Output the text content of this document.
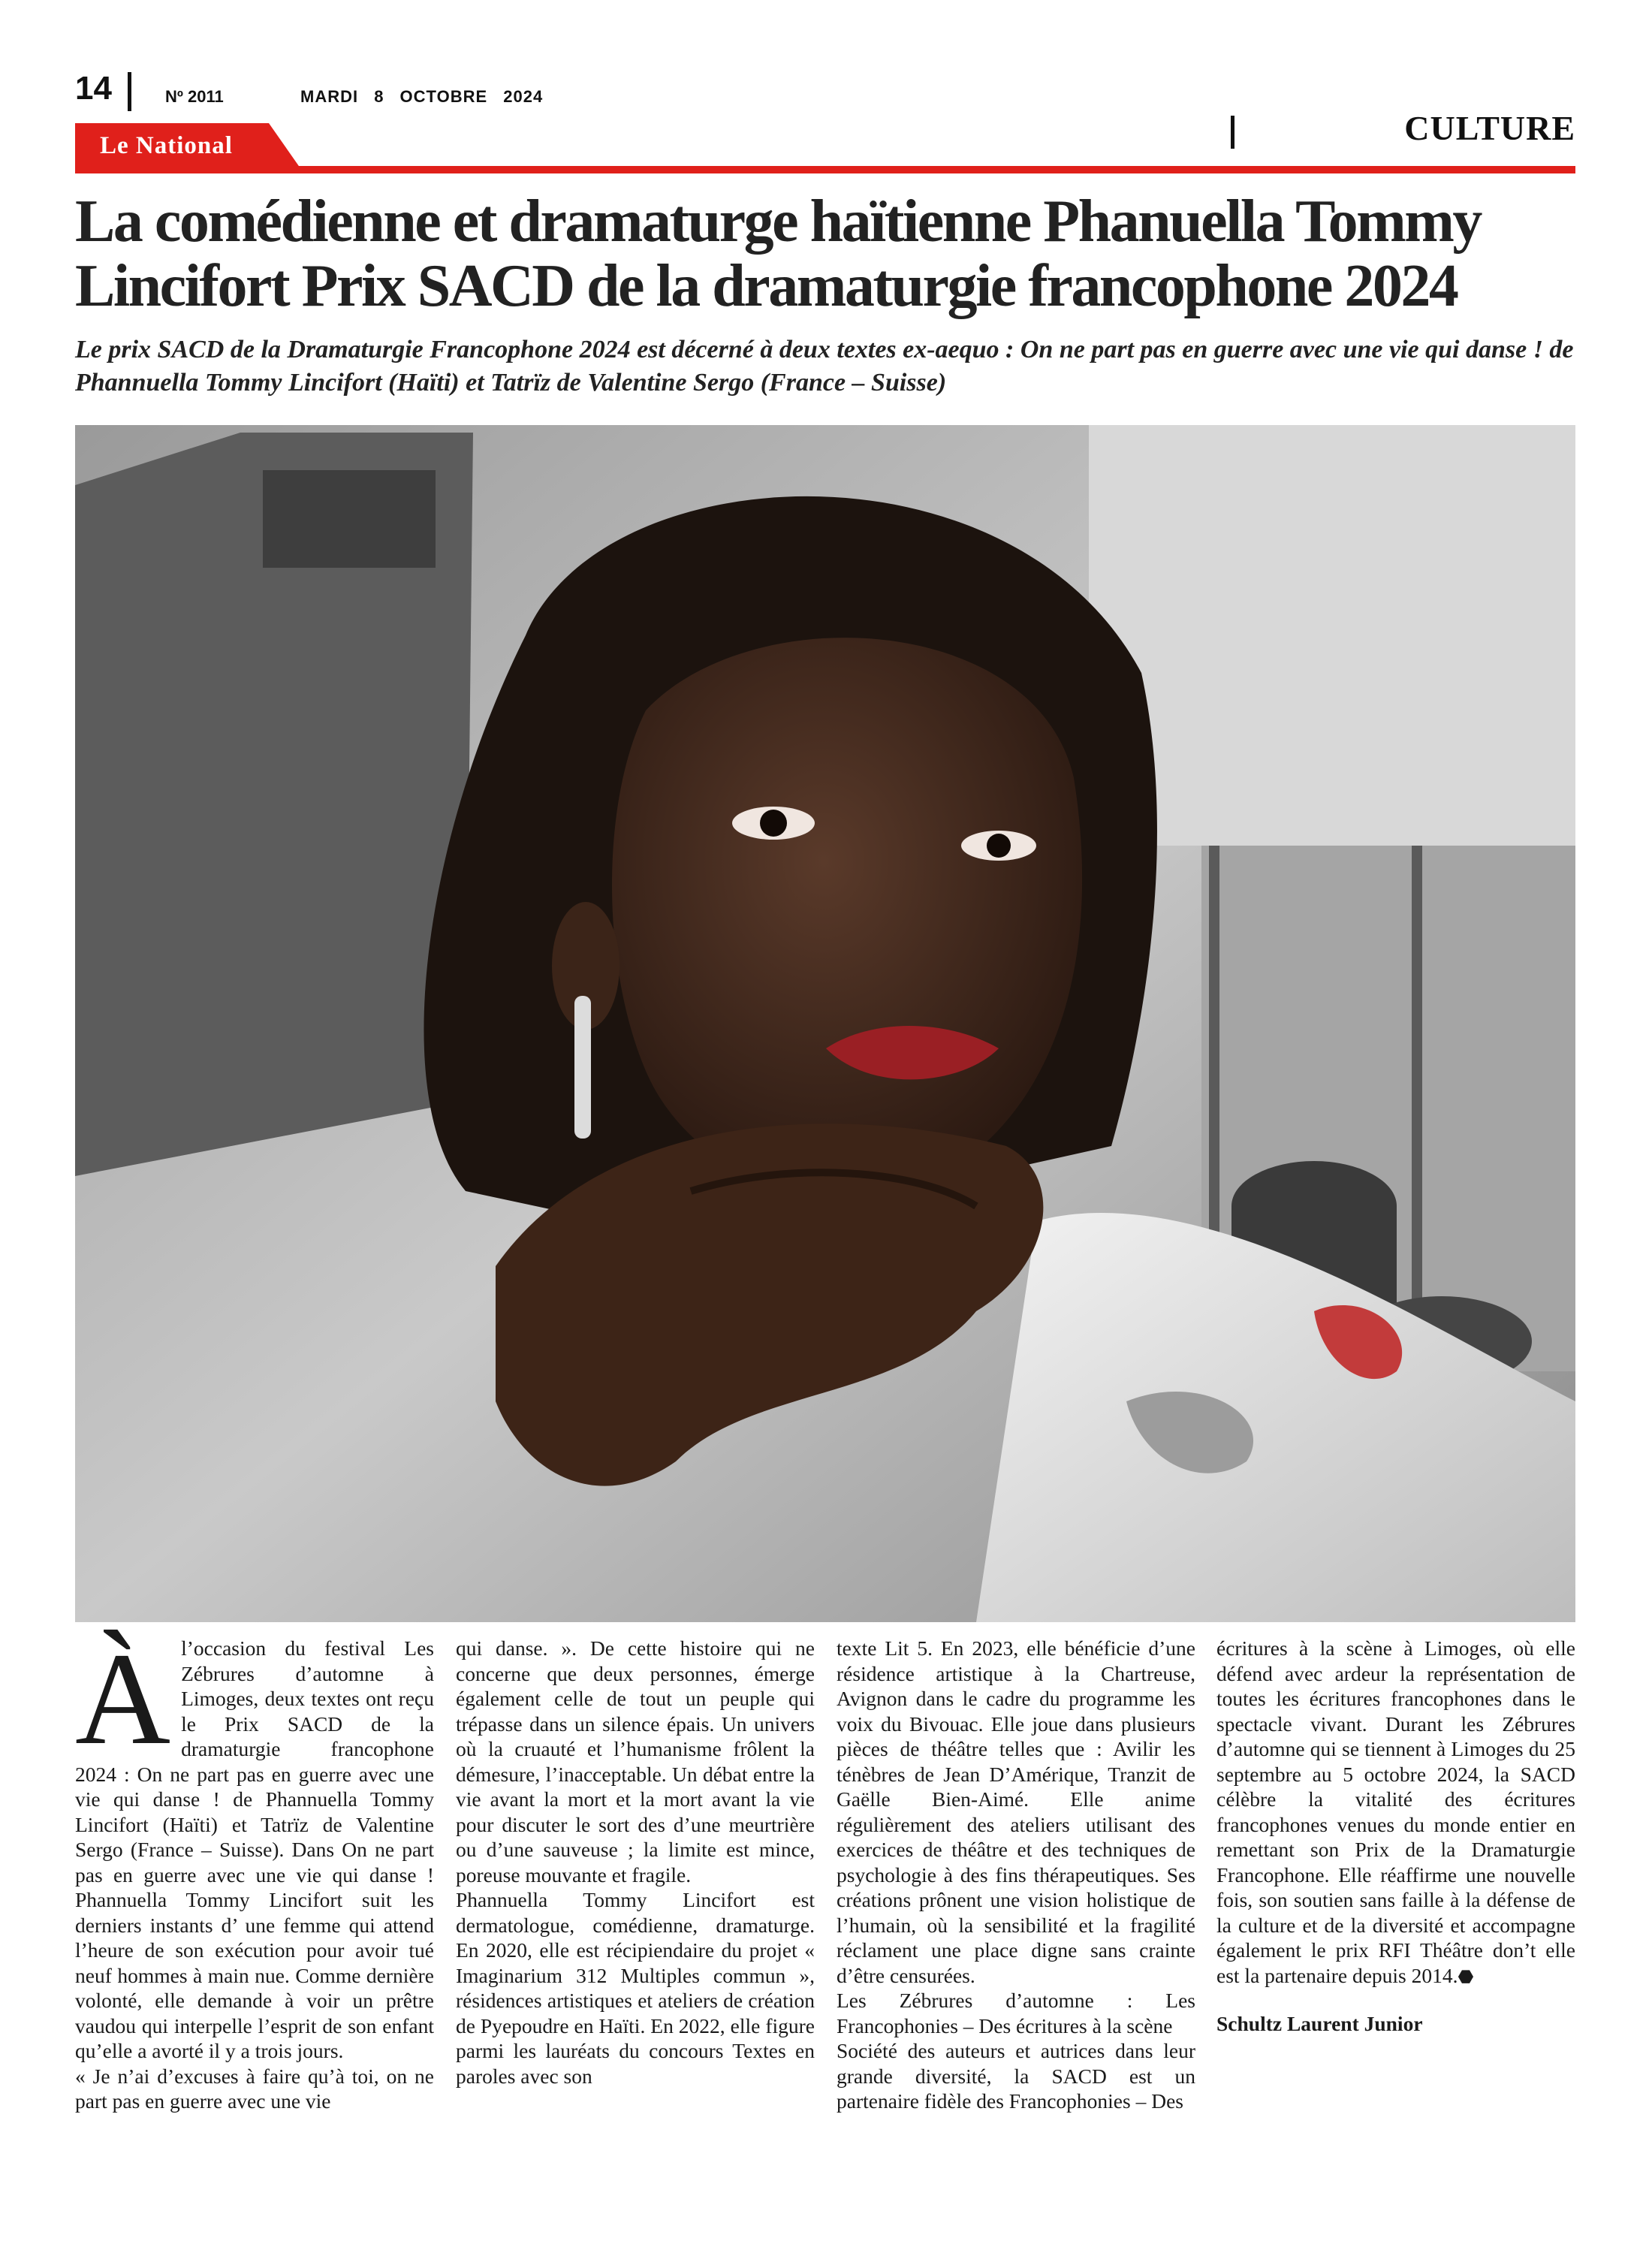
14	Nº 2011	MARDI 8 OCTOBRE 2024
Le National	CULTURE
La comédienne et dramaturge haïtienne Phanuella Tommy Lincifort Prix SACD de la dramaturgie francophone 2024

Le prix SACD de la Dramaturgie Francophone 2024 est décerné à deux textes ex-aequo : On ne part pas en guerre avec une vie qui danse ! de Phannuella Tommy Lincifort (Haïti) et Tatrïz de Valentine Sergo (France – Suisse)

Àl’occasion du festival Les Zébrures d’automne à Limoges, deux textes ont reçu le Prix SACD de la dramaturgie francophone 2024 : On ne part pas en guerre avec une vie qui danse ! de Phannuella Tommy Lincifort (Haïti) et Tatrïz de Valentine Sergo (France – Suisse). Dans On ne part pas en guerre avec une vie qui danse ! Phannuella Tommy Lincifort suit les derniers instants d’ une femme qui attend l’heure de son exécution pour avoir tué neuf hommes à main nue. Comme dernière volonté, elle demande à voir un prêtre vaudou qui interpelle l’esprit de son enfant qu’elle a avorté il y a trois jours.

« Je n’ai d’excuses à faire qu’à toi, on ne part pas en guerre avec une vie

qui danse. ». De cette histoire qui ne concerne que deux personnes, émerge également celle de tout un peuple qui trépasse dans un silence épais. Un univers où la cruauté et l’humanisme frôlent la démesure, l’inacceptable. Un débat entre la vie avant la mort et la mort avant la vie pour discuter le sort des d’une meurtrière ou d’une sauveuse ; la limite est mince, poreuse mouvante et fragile.

Phannuella Tommy Lincifort est dermatologue, comédienne, dramaturge. En 2020, elle est récipiendaire du projet « Imaginarium 312 Multiples commun », résidences artistiques et ateliers de création de Pyepoudre en Haïti. En 2022, elle figure parmi les lauréats du concours Textes en paroles avec son

texte Lit 5. En 2023, elle bénéficie d’une résidence artistique à la Chartreuse, Avignon dans le cadre du programme les voix du Bivouac. Elle joue dans plusieurs pièces de théâtre telles que : Avilir les ténèbres de Jean D’Amérique, Tranzit de Gaëlle Bien-Aimé. Elle anime régulièrement des ateliers utilisant des exercices de théâtre et des techniques de psychologie à des fins thérapeutiques. Ses créations prônent une vision holistique de l’humain, où la sensibilité et la fragilité réclament une place digne sans crainte d’être censurées.

Les Zébrures d’automne : Les Francophonies – Des écritures à la scène

Société des auteurs et autrices dans leur grande diversité, la SACD est un partenaire fidèle des Francophonies – Des

écritures à la scène à Limoges, où elle défend avec ardeur la représentation de toutes les écritures francophones dans le spectacle vivant. Durant les Zébrures d’automne qui se tiennent à Limoges du 25 septembre au 5 octobre 2024, la SACD célèbre la vitalité des écritures francophones venues du monde entier en remettant son Prix de la Dramaturgie Francophone. Elle réaffirme une nouvelle fois, son soutien sans faille à la défense de la culture et de la diversité et accompagne également le prix RFI Théâtre don’t elle est la partenaire depuis 2014.⬣

Schultz Laurent Junior
